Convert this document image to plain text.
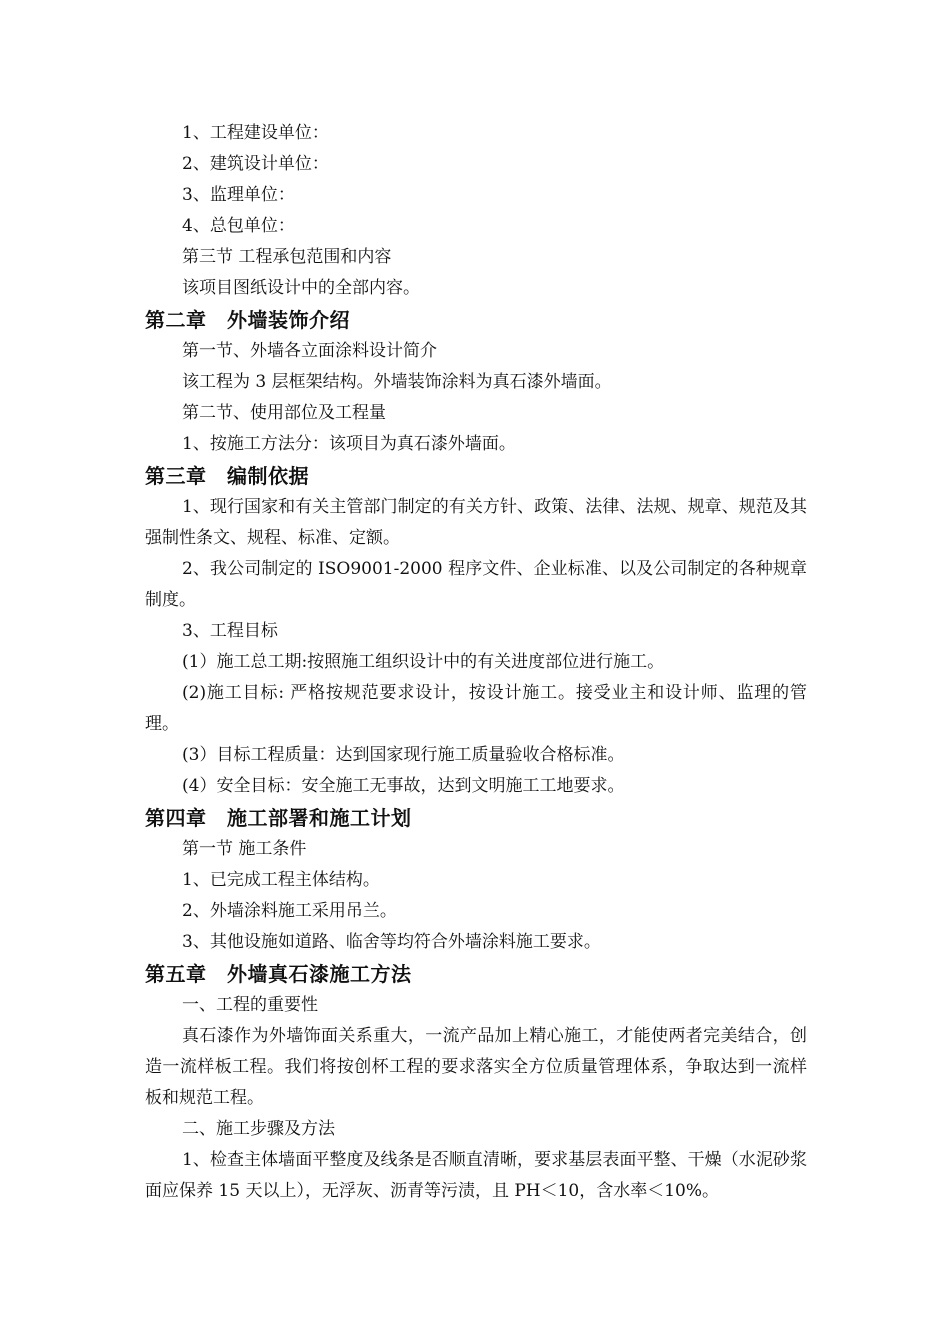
1、工程建设单位：

2、建筑设计单位：

3、监理单位：

4、总包单位：

第三节 工程承包范围和内容

该项目图纸设计中的全部内容。

第二章　外墙装饰介绍

第一节、外墙各立面涂料设计简介

该工程为 3 层框架结构。外墙装饰涂料为真石漆外墙面。

第二节、使用部位及工程量

1、按施工方法分：该项目为真石漆外墙面。

第三章　编制依据

1、现行国家和有关主管部门制定的有关方针、政策、法律、法规、规章、规范及其强制性条文、规程、标准、定额。

2、我公司制定的 ISO9001-2000 程序文件、企业标准、以及公司制定的各种规章制度。

3、工程目标

(1）施工总工期:按照施工组织设计中的有关进度部位进行施工。

(2)施工目标: 严格按规范要求设计，按设计施工。接受业主和设计师、监理的管理。

(3）目标工程质量：达到国家现行施工质量验收合格标准。

(4）安全目标：安全施工无事故，达到文明施工工地要求。

第四章　施工部署和施工计划

第一节 施工条件

1、已完成工程主体结构。

2、外墙涂料施工采用吊兰。

3、其他设施如道路、临舍等均符合外墙涂料施工要求。

第五章　外墙真石漆施工方法

一、工程的重要性

真石漆作为外墙饰面关系重大，一流产品加上精心施工，才能使两者完美结合，创造一流样板工程。我们将按创杯工程的要求落实全方位质量管理体系，争取达到一流样板和规范工程。

二、施工步骤及方法

1、检查主体墙面平整度及线条是否顺直清晰，要求基层表面平整、干燥（水泥砂浆面应保养 15 天以上），无浮灰、沥青等污渍，且 PH＜10，含水率＜10%。
